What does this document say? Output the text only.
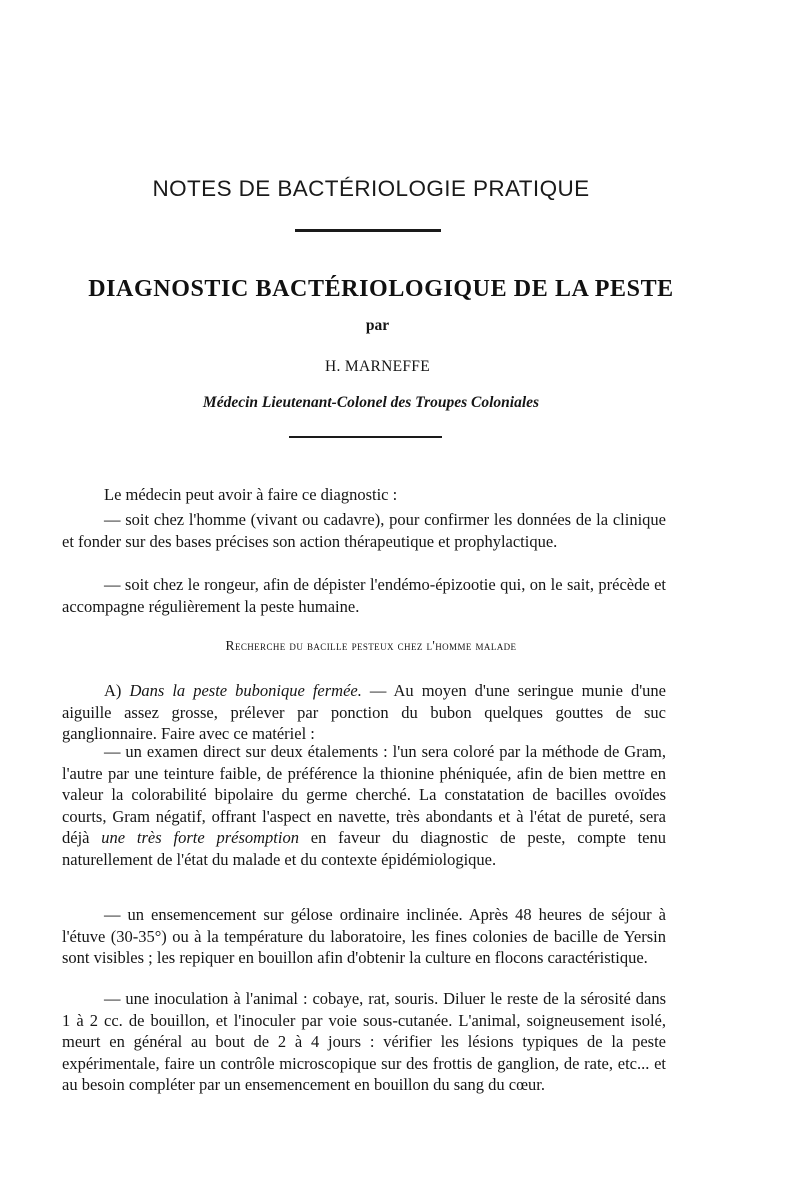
NOTES DE BACTÉRIOLOGIE PRATIQUE
DIAGNOSTIC BACTÉRIOLOGIQUE DE LA PESTE
par
H. MARNEFFE
Médecin Lieutenant-Colonel des Troupes Coloniales

Le médecin peut avoir à faire ce diagnostic :

— soit chez l'homme (vivant ou cadavre), pour confirmer les données de la clinique et fonder sur des bases précises son action thérapeutique et prophylactique.

— soit chez le rongeur, afin de dépister l'endémo-épizootie qui, on le sait, précède et accompagne régulièrement la peste humaine.

Recherche du bacille pesteux chez l'homme malade

A) Dans la peste bubonique fermée. — Au moyen d'une seringue munie d'une aiguille assez grosse, prélever par ponction du bubon quelques gouttes de suc ganglionnaire. Faire avec ce matériel :

— un examen direct sur deux étalements : l'un sera coloré par la méthode de Gram, l'autre par une teinture faible, de préférence la thionine phéniquée, afin de bien mettre en valeur la colorabilité bipolaire du germe cherché. La constatation de bacilles ovoïdes courts, Gram négatif, offrant l'aspect en navette, très abondants et à l'état de pureté, sera déjà une très forte présomption en faveur du diagnostic de peste, compte tenu naturellement de l'état du malade et du contexte épidémiologique.

— un ensemencement sur gélose ordinaire inclinée. Après 48 heures de séjour à l'étuve (30-35°) ou à la température du laboratoire, les fines colonies de bacille de Yersin sont visibles ; les repiquer en bouillon afin d'obtenir la culture en flocons caractéristique.

— une inoculation à l'animal : cobaye, rat, souris. Diluer le reste de la sérosité dans 1 à 2 cc. de bouillon, et l'inoculer par voie sous-cutanée. L'animal, soigneusement isolé, meurt en général au bout de 2 à 4 jours : vérifier les lésions typiques de la peste expérimentale, faire un contrôle microscopique sur des frottis de ganglion, de rate, etc... et au besoin compléter par un ensemencement en bouillon du sang du cœur.
